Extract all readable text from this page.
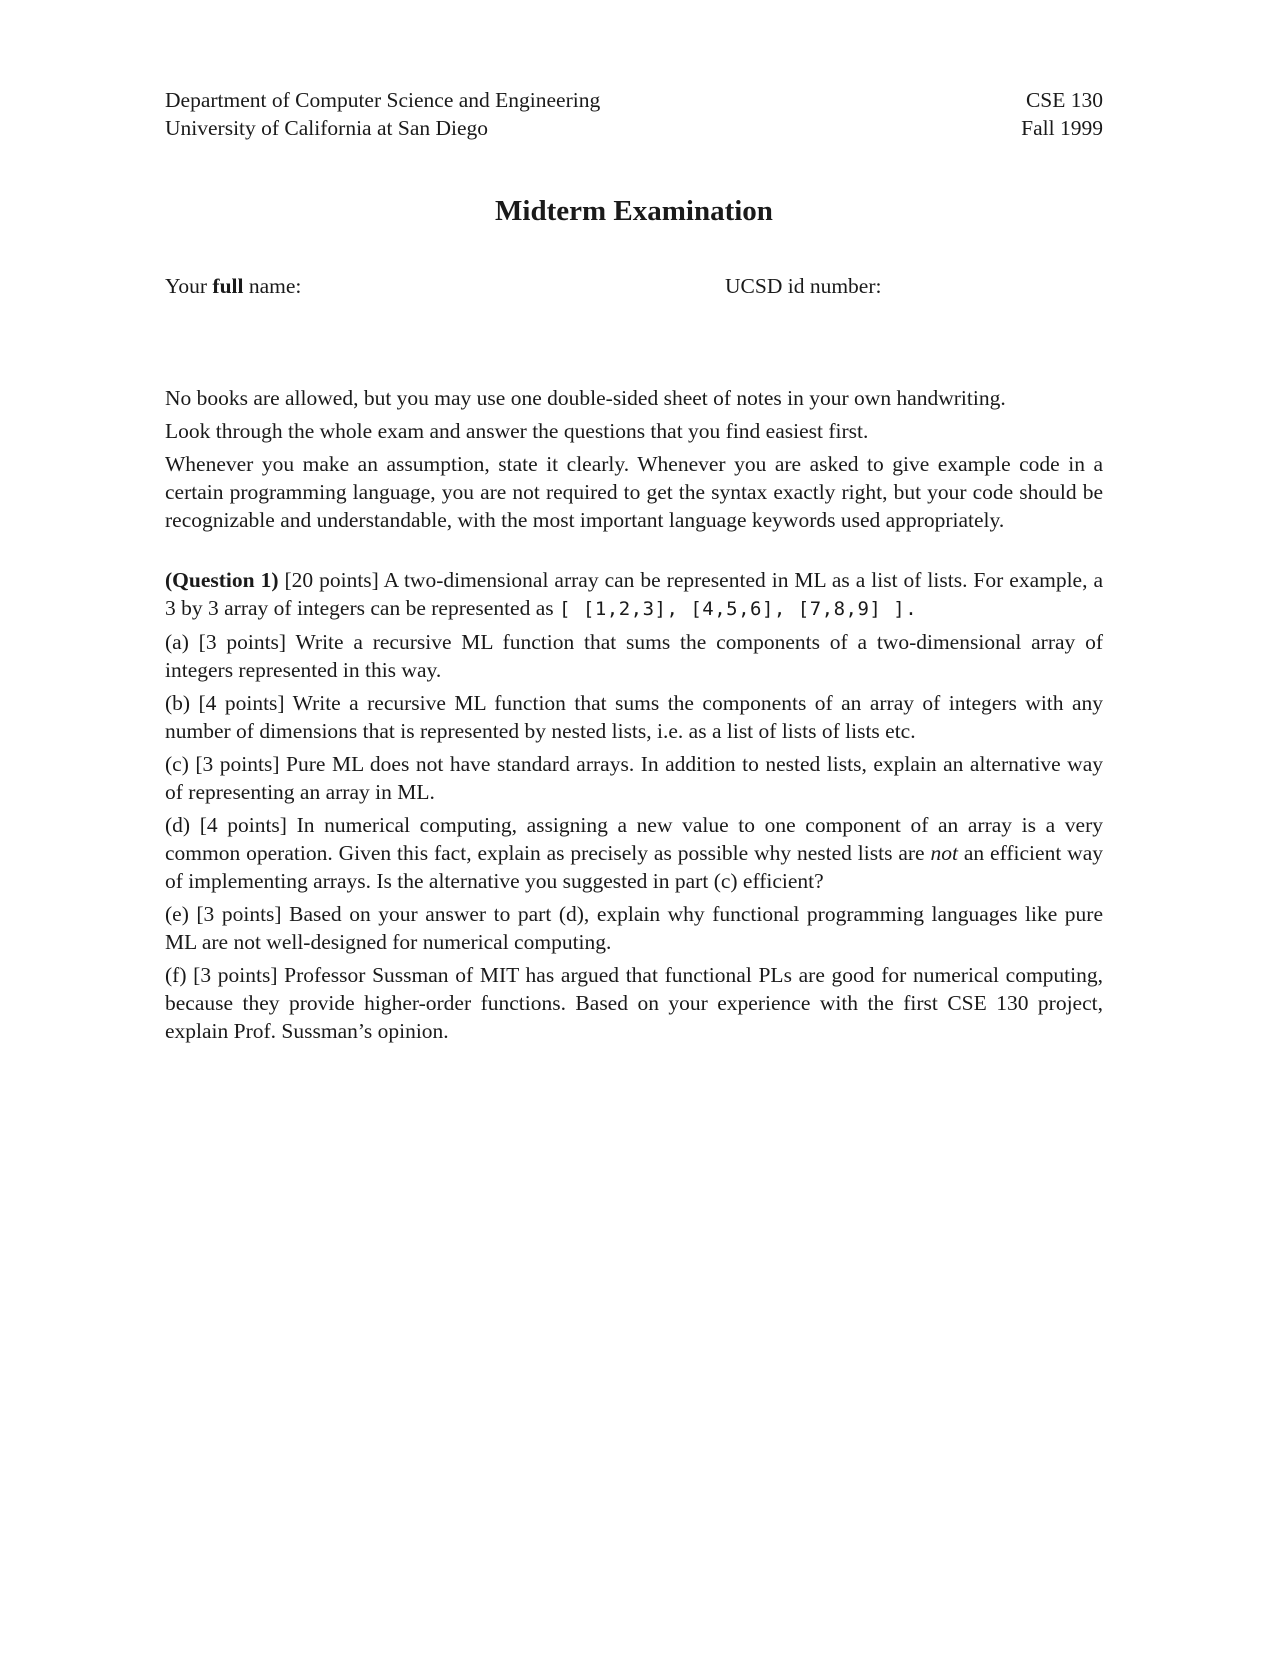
Department of Computer Science and Engineering
University of California at San Diego
CSE 130
Fall 1999
Midterm Examination
Your full name:	UCSD id number:
No books are allowed, but you may use one double-sided sheet of notes in your own handwriting.
Look through the whole exam and answer the questions that you find easiest first.
Whenever you make an assumption, state it clearly. Whenever you are asked to give example code in a certain programming language, you are not required to get the syntax exactly right, but your code should be recognizable and understandable, with the most important language keywords used appropriately.
(Question 1) [20 points] A two-dimensional array can be represented in ML as a list of lists. For example, a 3 by 3 array of integers can be represented as [ [1,2,3], [4,5,6], [7,8,9] ].
(a) [3 points] Write a recursive ML function that sums the components of a two-dimensional array of integers represented in this way.
(b) [4 points] Write a recursive ML function that sums the components of an array of integers with any number of dimensions that is represented by nested lists, i.e. as a list of lists of lists etc.
(c) [3 points] Pure ML does not have standard arrays. In addition to nested lists, explain an alternative way of representing an array in ML.
(d) [4 points] In numerical computing, assigning a new value to one component of an array is a very common operation. Given this fact, explain as precisely as possible why nested lists are not an efficient way of implementing arrays. Is the alternative you suggested in part (c) efficient?
(e) [3 points] Based on your answer to part (d), explain why functional programming languages like pure ML are not well-designed for numerical computing.
(f) [3 points] Professor Sussman of MIT has argued that functional PLs are good for numerical computing, because they provide higher-order functions. Based on your experience with the first CSE 130 project, explain Prof. Sussman’s opinion.
